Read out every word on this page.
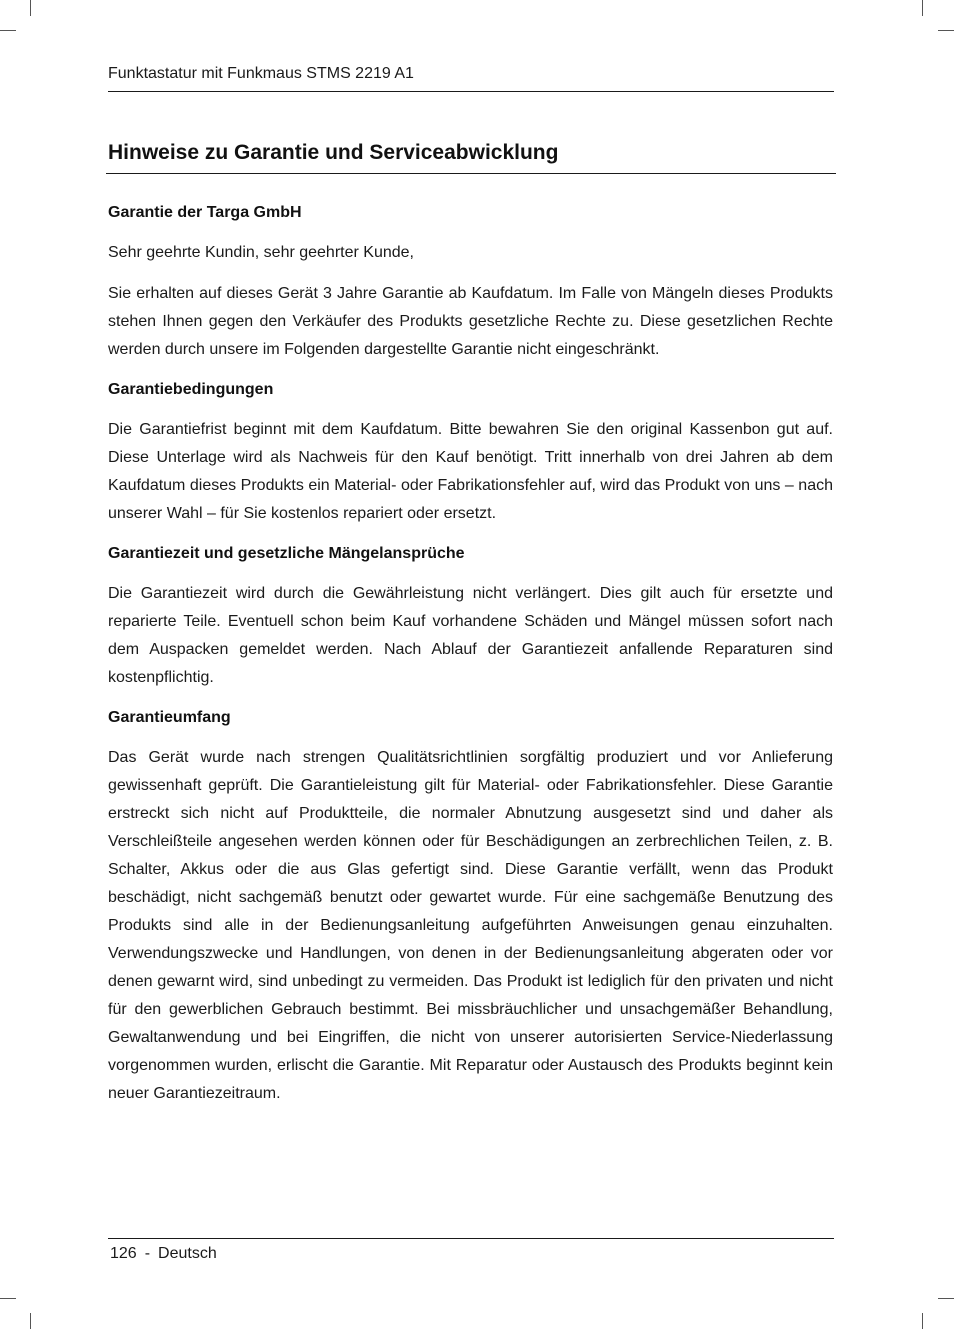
Funktastatur mit Funkmaus STMS 2219 A1
Hinweise zu Garantie und Serviceabwicklung
Garantie der Targa GmbH

Sehr geehrte Kundin, sehr geehrter Kunde,

Sie erhalten auf dieses Gerät 3 Jahre Garantie ab Kaufdatum. Im Falle von Mängeln dieses Produkts stehen Ihnen gegen den Verkäufer des Produkts gesetzliche Rechte zu. Diese gesetzlichen Rechte werden durch unsere im Folgenden dargestellte Garantie nicht eingeschränkt.

Garantiebedingungen

Die Garantiefrist beginnt mit dem Kaufdatum. Bitte bewahren Sie den original Kassenbon gut auf. Diese Unterlage wird als Nachweis für den Kauf benötigt. Tritt innerhalb von drei Jahren ab dem Kaufdatum dieses Produkts ein Material- oder Fabrikationsfehler auf, wird das Produkt von uns – nach unserer Wahl – für Sie kostenlos repariert oder ersetzt.

Garantiezeit und gesetzliche Mängelansprüche

Die Garantiezeit wird durch die Gewährleistung nicht verlängert. Dies gilt auch für ersetzte und reparierte Teile. Eventuell schon beim Kauf vorhandene Schäden und Mängel müssen sofort nach dem Auspacken gemeldet werden. Nach Ablauf der Garantiezeit anfallende Reparaturen sind kostenpflichtig.

Garantieumfang

Das Gerät wurde nach strengen Qualitätsrichtlinien sorgfältig produziert und vor Anlieferung gewissenhaft geprüft. Die Garantieleistung gilt für Material- oder Fabrikationsfehler. Diese Garantie erstreckt sich nicht auf Produktteile, die normaler Abnutzung ausgesetzt sind und daher als Verschleißteile angesehen werden können oder für Beschädigungen an zerbrechlichen Teilen, z. B. Schalter, Akkus oder die aus Glas gefertigt sind. Diese Garantie verfällt, wenn das Produkt beschädigt, nicht sachgemäß benutzt oder gewartet wurde. Für eine sachgemäße Benutzung des Produkts sind alle in der Bedienungsanleitung aufgeführten Anweisungen genau einzuhalten. Verwendungszwecke und Handlungen, von denen in der Bedienungsanleitung abgeraten oder vor denen gewarnt wird, sind unbedingt zu vermeiden. Das Produkt ist lediglich für den privaten und nicht für den gewerblichen Gebrauch bestimmt. Bei missbräuchlicher und unsachgemäßer Behandlung, Gewaltanwendung und bei Eingriffen, die nicht von unserer autorisierten Service-Niederlassung vorgenommen wurden, erlischt die Garantie. Mit Reparatur oder Austausch des Produkts beginnt kein neuer Garantiezeitraum.

126 - Deutsch
